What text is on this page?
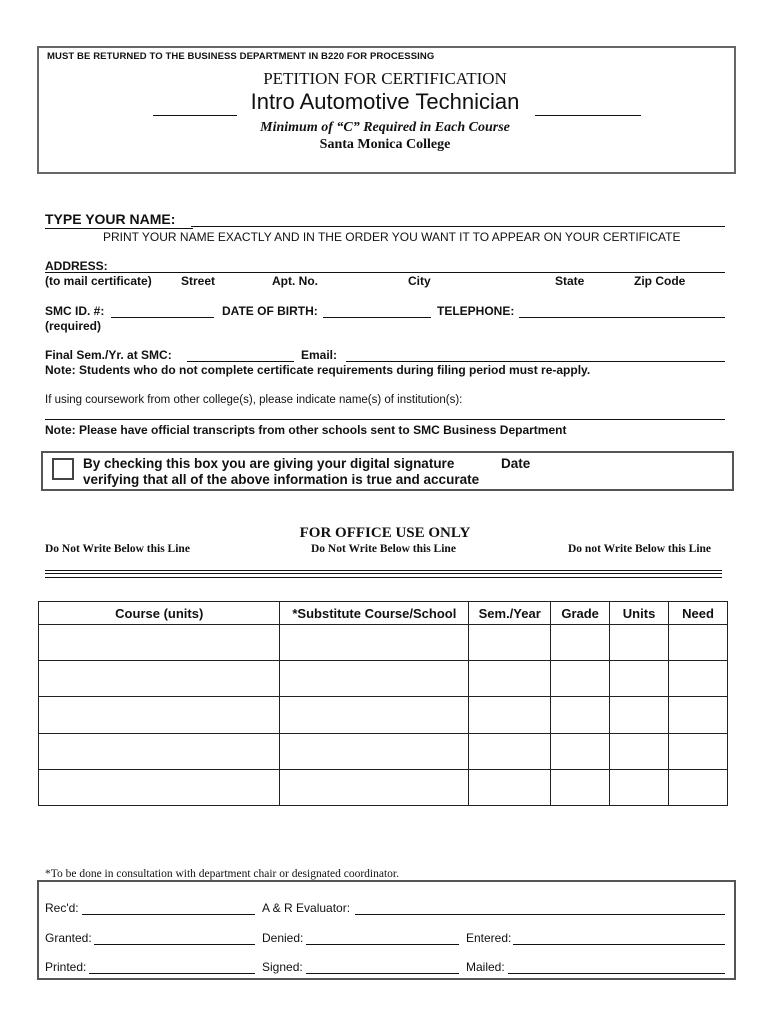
MUST BE RETURNED TO THE BUSINESS DEPARTMENT IN B220 FOR PROCESSING
PETITION FOR CERTIFICATION
Intro Automotive Technician
Minimum of “C” Required in Each Course
Santa Monica College
TYPE YOUR NAME:
PRINT YOUR NAME EXACTLY AND IN THE ORDER YOU WANT IT TO APPEAR ON YOUR CERTIFICATE
ADDRESS:
(to mail certificate) Street	Apt. No.	City	State	Zip Code
SMC ID. #:	DATE OF BIRTH:	TELEPHONE:
(required)
Final Sem./Yr. at SMC:	Email:
Note: Students who do not complete certificate requirements during filing period must re-apply.
If using coursework from other college(s), please indicate name(s) of institution(s):
Note: Please have official transcripts from other schools sent to SMC Business Department
By checking this box you are giving your digital signature
verifying that all of the above information is true and accurate
Date
FOR OFFICE USE ONLY
Do Not Write Below this Line	Do Not Write Below this Line	Do not Write Below this Line
Course (units)	*Substitute Course/School	Sem./Year	Grade	Units	Need

*To be done in consultation with department chair or designated coordinator.
Rec'd:	A & R Evaluator:
Granted:	Denied:	Entered:
Printed:	Signed:	Mailed:
